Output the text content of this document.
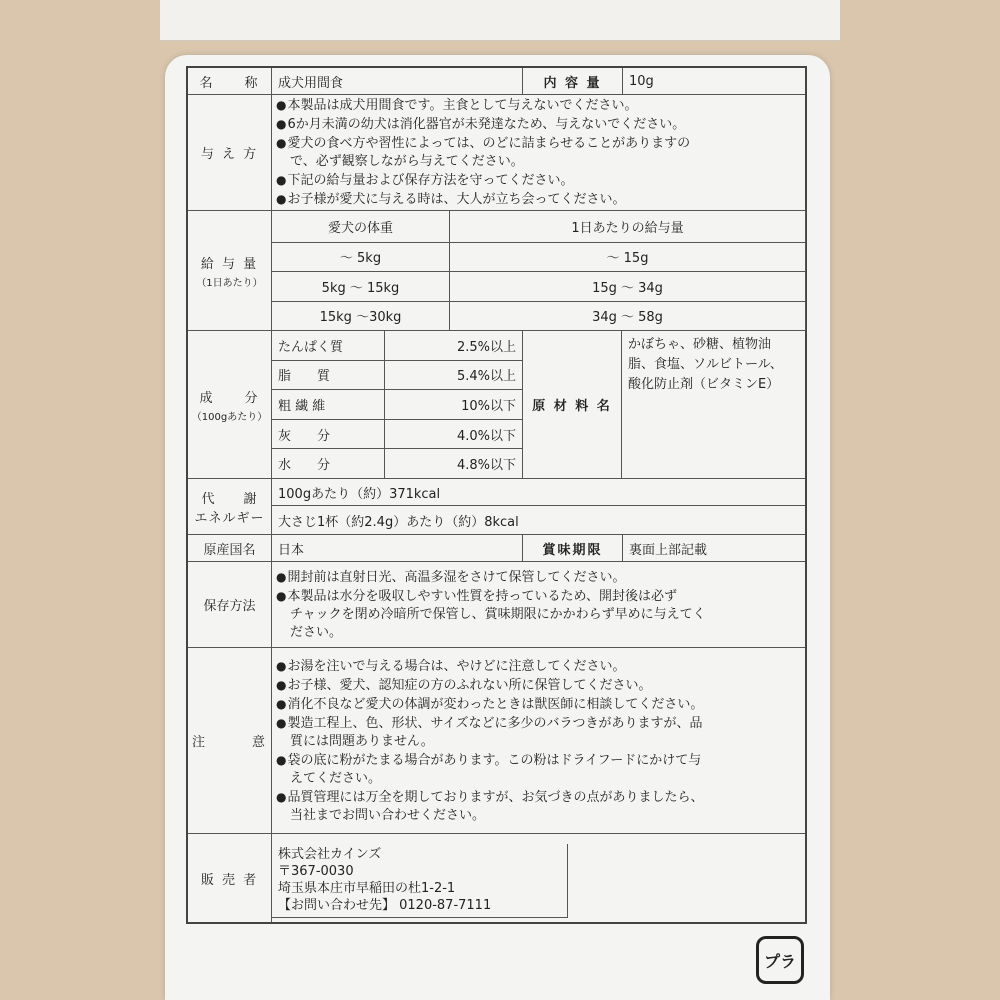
名　　称	成犬用間食	内 容 量	10g
与 え 方
●本製品は成犬用間食です。主食として与えないでください。
●6か月未満の幼犬は消化器官が未発達なため、与えないでください。
●愛犬の食べ方や習性によっては、のどに詰まらせることがありますの
で、必ず観察しながら与えてください。
●下記の給与量および保存方法を守ってください。
●お子様が愛犬に与える時は、大人が立ち会ってください。
給 与 量
（1日あたり）
愛犬の体重	1日あたりの給与量
〜 5kg	〜 15g
5kg 〜 15kg	15g 〜 34g
15kg 〜30kg	34g 〜 58g
成　　分
（100gあたり）
たんぱく質	2.5%以上
脂　　質	5.4%以上
粗 繊 維	10%以下
灰　　分	4.0%以下
水　　分	4.8%以下
原 材 料 名
かぼちゃ、砂糖、植物油
脂、食塩、ソルビトール、
酸化防止剤（ビタミンE）
代　　謝
エネルギー
100gあたり（約）371kcal
大さじ1杯（約2.4g）あたり（約）8kcal
原産国名	日本	賞味期限	裏面上部記載
保存方法
●開封前は直射日光、高温多湿をさけて保管してください。
●本製品は水分を吸収しやすい性質を持っているため、開封後は必ず
チャックを閉め冷暗所で保管し、賞味期限にかかわらず早めに与えてく
ださい。
注　　　意
●お湯を注いで与える場合は、やけどに注意してください。
●お子様、愛犬、認知症の方のふれない所に保管してください。
●消化不良など愛犬の体調が変わったときは獣医師に相談してください。
●製造工程上、色、形状、サイズなどに多少のバラつきがありますが、品
質には問題ありません。
●袋の底に粉がたまる場合があります。この粉はドライフードにかけて与
えてください。
●品質管理には万全を期しておりますが、お気づきの点がありましたら、
当社までお問い合わせください。
販 売 者
株式会社カインズ
〒367-0030
埼玉県本庄市早稲田の杜1-2-1
【お問い合わせ先】 0120-87-7111
プラ
